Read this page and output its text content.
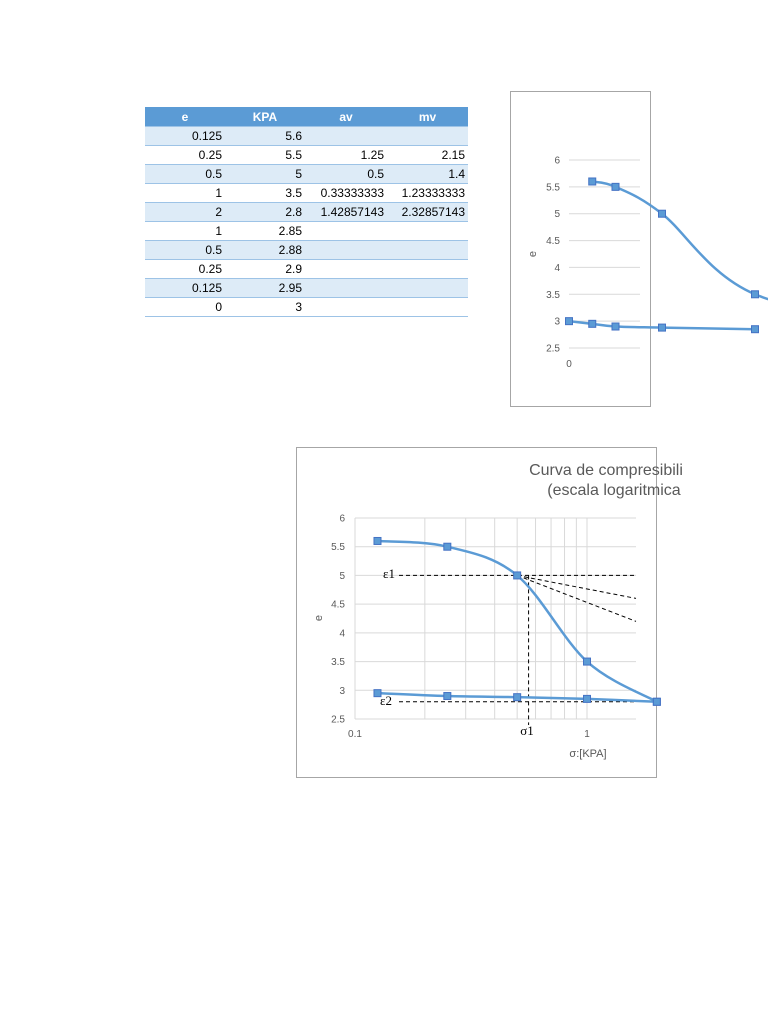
e	KPA	av	mv
0.125	5.6		
0.25	5.5	1.25	2.15
0.5	5	0.5	1.4
1	3.5	0.33333333	1.23333333
2	2.8	1.42857143	2.32857143
1	2.85		
0.5	2.88		
0.25	2.9		
0.125	2.95		
0	3		
2.5
3
3.5
4
4.5
5
5.5
6
0
e
Curva de compresibili
(escala logaritmica
2.5
3
3.5
4
4.5
5
5.5
6
0.1	1
e
σ:[KPA]
ε1
ε2
σ1
